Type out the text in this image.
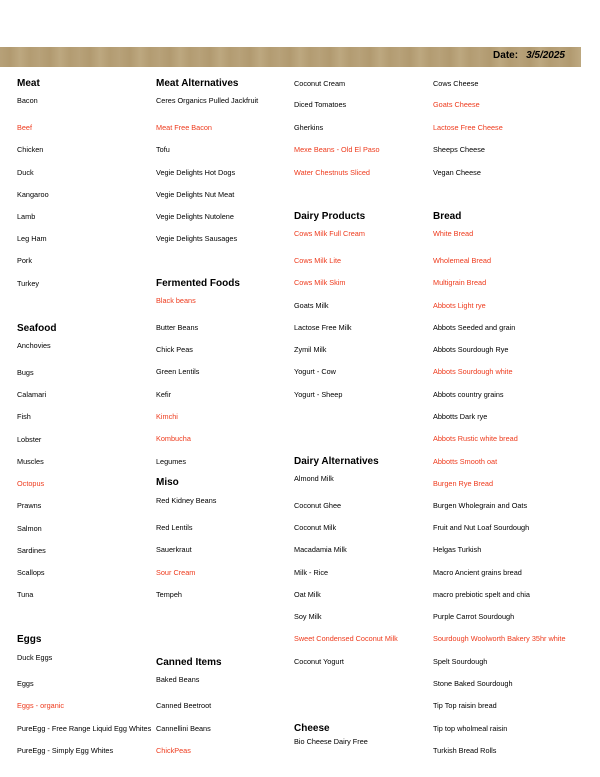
Date: 3/5/2025
Meat
Bacon
Beef
Chicken
Duck
Kangaroo
Lamb
Leg Ham
Pork
Turkey
Seafood
Anchovies
Bugs
Calamari
Fish
Lobster
Muscles
Octopus
Prawns
Salmon
Sardines
Scallops
Tuna
Eggs
Duck Eggs
Eggs
Eggs - organic
PureEgg - Free Range Liquid Egg Whites
PureEgg - Simply Egg Whites
Meat Alternatives
Ceres Organics Pulled Jackfruit
Meat Free Bacon
Tofu
Vegie Delights Hot Dogs
Vegie Delights Nut Meat
Vegie Delights Nutolene
Vegie Delights Sausages
Fermented Foods
Black beans
Butter Beans
Chick Peas
Green Lentils
Kefir
Kimchi
Kombucha
Legumes
Miso
Red Kidney Beans
Red Lentils
Sauerkraut
Sour Cream
Tempeh
Canned Items
Baked Beans
Canned Beetroot
Cannellini Beans
ChickPeas
Coconut Cream
Diced Tomatoes
Gherkins
Mexe Beans - Old El Paso
Water Chestnuts Sliced
Dairy Products
Cows Milk Full Cream
Cows Milk Lite
Cows Milk Skim
Goats Milk
Lactose Free Milk
Zymil Milk
Yogurt - Cow
Yogurt - Sheep
Dairy Alternatives
Almond Milk
Coconut Ghee
Coconut Milk
Macadamia Milk
Milk - Rice
Oat Milk
Soy Milk
Sweet Condensed Coconut Milk
Coconut Yogurt
Cheese
Bio Cheese Dairy Free
Cows Cheese
Goats Cheese
Lactose Free Cheese
Sheeps Cheese
Vegan Cheese
Bread
White Bread
Wholemeal Bread
Multigrain Bread
Abbots Light rye
Abbots Seeded and grain
Abbots Sourdough Rye
Abbots Sourdough white
Abbots country grains
Abbotts Dark rye
Abbots Rustic white bread
Abbotts Smooth oat
Burgen Rye Bread
Burgen Wholegrain and Oats
Fruit and Nut Loaf Sourdough
Helgas Turkish
Macro Ancient grains bread
macro prebiotic spelt and chia
Purple Carrot Sourdough
Sourdough Woolworth Bakery 35hr white
Spelt Sourdough
Stone Baked Sourdough
Tip Top raisin bread
Tip top wholmeal raisin
Turkish Bread Rolls
